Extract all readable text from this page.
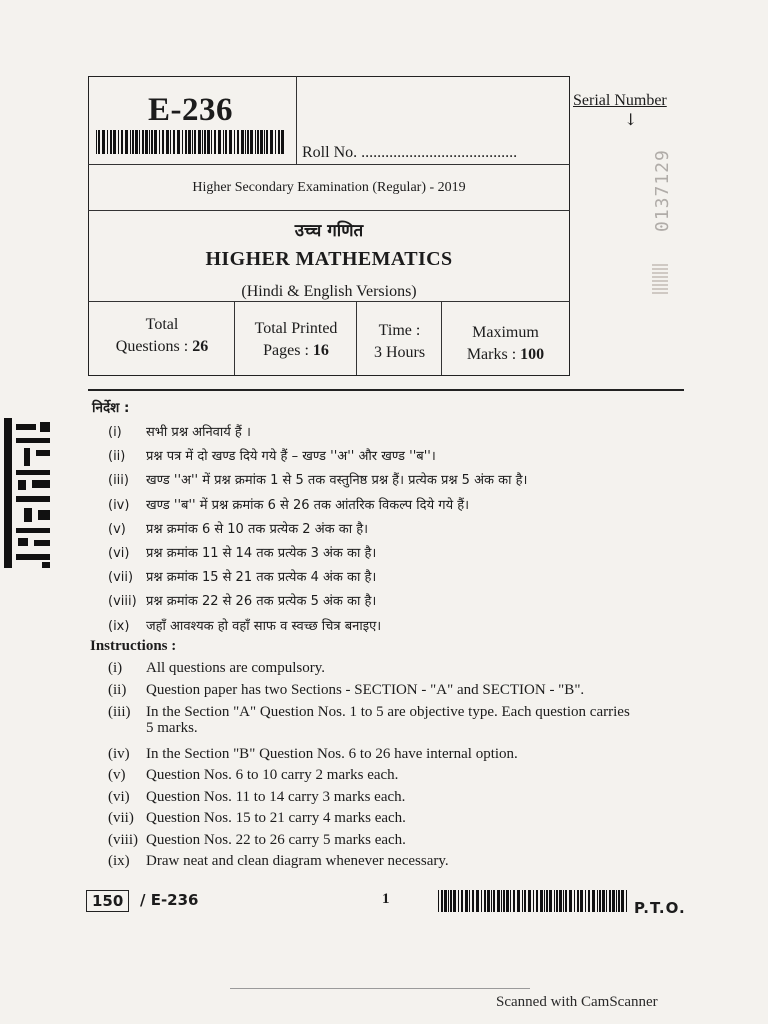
E-236
Roll No. .......................................
Higher Secondary Examination (Regular) - 2019
उच्च गणित
HIGHER MATHEMATICS
(Hindi & English Versions)
Total
Questions : 26
Total Printed
Pages : 16
Time :
3 Hours
Maximum
Marks : 100
Serial Number
↓
0137129
निर्देश :
(i) सभी प्रश्न अनिवार्य हैं ।
(ii) प्रश्न पत्र में दो खण्ड दिये गये हैं – खण्ड ''अ'' और खण्ड ''ब''।
(iii) खण्ड ''अ'' में प्रश्न क्रमांक 1 से 5 तक वस्तुनिष्ठ प्रश्न हैं। प्रत्येक प्रश्न 5 अंक का है।
(iv) खण्ड ''ब'' में प्रश्न क्रमांक 6 से 26 तक आंतरिक विकल्प दिये गये हैं।
(v) प्रश्न क्रमांक 6 से 10 तक प्रत्येक 2 अंक का है।
(vi) प्रश्न क्रमांक 11 से 14 तक प्रत्येक 3 अंक का है।
(vii) प्रश्न क्रमांक 15 से 21 तक प्रत्येक 4 अंक का है।
(viii) प्रश्न क्रमांक 22 से 26 तक प्रत्येक 5 अंक का है।
(ix) जहाँ आवश्यक हो वहाँ साफ व स्वच्छ चित्र बनाइए।
Instructions :
(i) All questions are compulsory.
(ii) Question paper has two Sections - SECTION - "A" and SECTION - "B".
(iii) In the Section "A" Question Nos. 1 to 5 are objective type. Each question carries
5 marks.
(iv) In the Section "B" Question Nos. 6 to 26 have internal option.
(v) Question Nos. 6 to 10 carry 2 marks each.
(vi) Question Nos. 11 to 14 carry 3 marks each.
(vii) Question Nos. 15 to 21 carry 4 marks each.
(viii) Question Nos. 22 to 26 carry 5 marks each.
(ix) Draw neat and clean diagram whenever necessary.
150	/ E-236	1	P.T.O.
Scanned with CamScanner
